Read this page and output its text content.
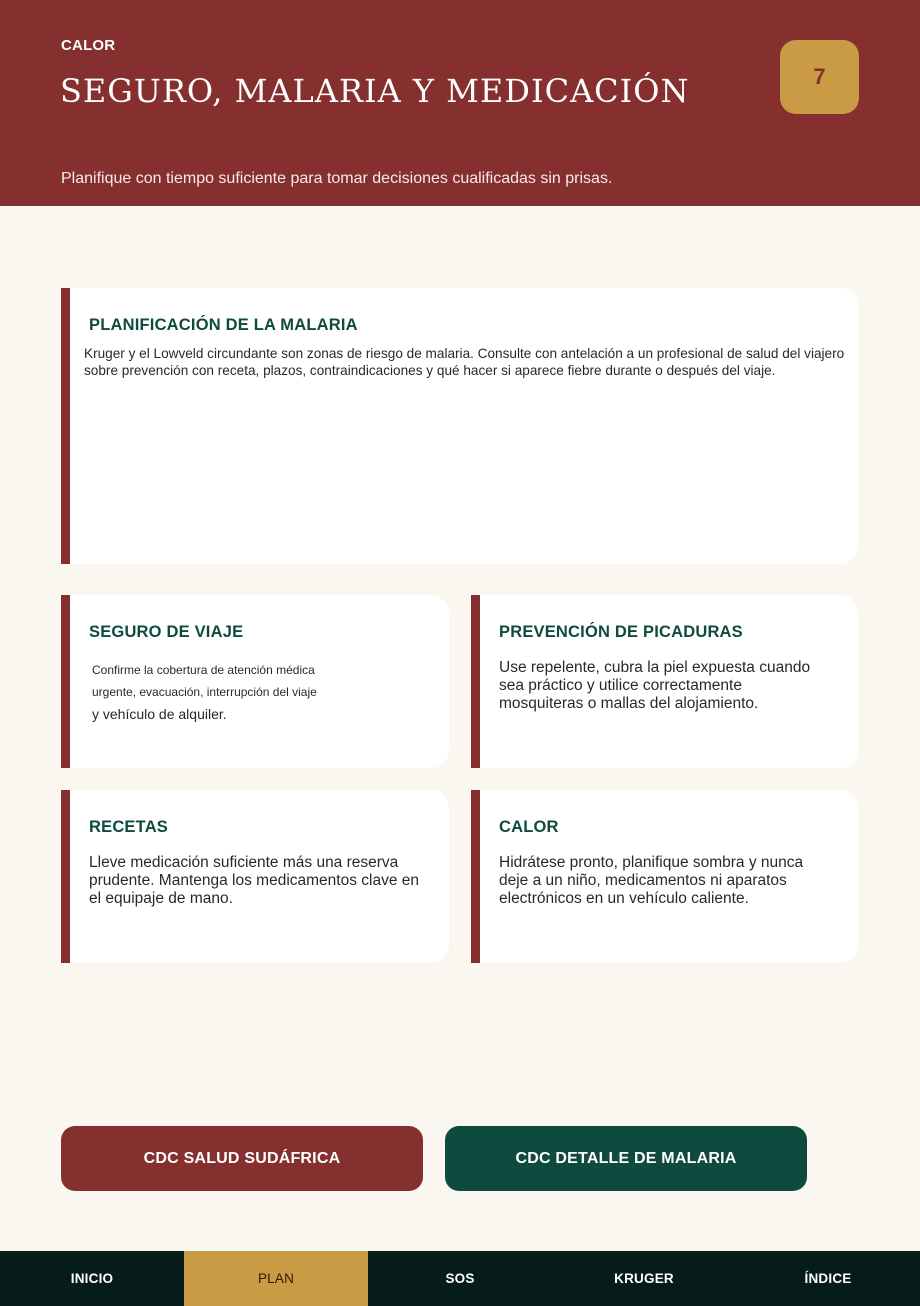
CALOR
SEGURO, MALARIA Y MEDICACIÓN	7

Planifique con tiempo suficiente para tomar decisiones cualificadas sin prisas.

PLANIFICACIÓN DE LA MALARIA

Kruger y el Lowveld circundante son zonas de riesgo de malaria. Consulte con antelación a un profesional de salud del viajero sobre prevención con receta, plazos, contraindicaciones y qué hacer si aparece fiebre durante o después del viaje.

SEGURO DE VIAJE
Confirme la cobertura de atención médica
urgente, evacuación, interrupción del viaje
y vehículo de alquiler.
PREVENCIÓN DE PICADURAS

Use repelente, cubra la piel expuesta cuando sea práctico y utilice correctamente mosquiteras o mallas del alojamiento.

RECETAS

Lleve medicación suficiente más una reserva prudente. Mantenga los medicamentos clave en el equipaje de mano.

CALOR

Hidrátese pronto, planifique sombra y nunca deje a un niño, medicamentos ni aparatos electrónicos en un vehículo caliente.

CDC SALUD SUDÁFRICA	CDC DETALLE DE MALARIA
INICIO	PLAN	SOS	KRUGER	ÍNDICE
